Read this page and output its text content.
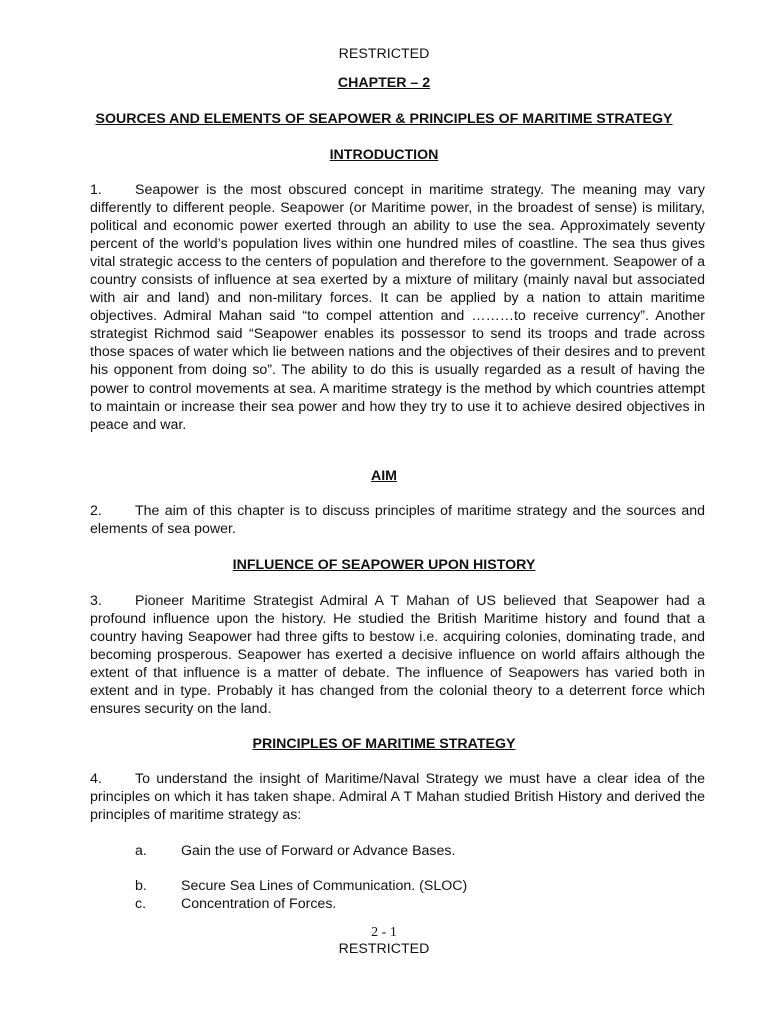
RESTRICTED
CHAPTER – 2
SOURCES AND ELEMENTS OF SEAPOWER & PRINCIPLES OF MARITIME STRATEGY
INTRODUCTION
1. Seapower is the most obscured concept in maritime strategy. The meaning may vary differently to different people. Seapower (or Maritime power, in the broadest of sense) is military, political and economic power exerted through an ability to use the sea. Approximately seventy percent of the world’s population lives within one hundred miles of coastline. The sea thus gives vital strategic access to the centers of population and therefore to the government. Seapower of a country consists of influence at sea exerted by a mixture of military (mainly naval but associated with air and land) and non-military forces. It can be applied by a nation to attain maritime objectives. Admiral Mahan said “to compel attention and ………to receive currency”. Another strategist Richmod said “Seapower enables its possessor to send its troops and trade across those spaces of water which lie between nations and the objectives of their desires and to prevent his opponent from doing so”. The ability to do this is usually regarded as a result of having the power to control movements at sea. A maritime strategy is the method by which countries attempt to maintain or increase their sea power and how they try to use it to achieve desired objectives in peace and war.
AIM
2. The aim of this chapter is to discuss principles of maritime strategy and the sources and elements of sea power.
INFLUENCE OF SEAPOWER UPON HISTORY
3. Pioneer Maritime Strategist Admiral A T Mahan of US believed that Seapower had a profound influence upon the history. He studied the British Maritime history and found that a country having Seapower had three gifts to bestow i.e. acquiring colonies, dominating trade, and becoming prosperous. Seapower has exerted a decisive influence on world affairs although the extent of that influence is a matter of debate. The influence of Seapowers has varied both in extent and in type. Probably it has changed from the colonial theory to a deterrent force which ensures security on the land.
PRINCIPLES OF MARITIME STRATEGY
4. To understand the insight of Maritime/Naval Strategy we must have a clear idea of the principles on which it has taken shape. Admiral A T Mahan studied British History and derived the principles of maritime strategy as:
a. Gain the use of Forward or Advance Bases.
b. Secure Sea Lines of Communication. (SLOC)
c. Concentration of Forces.
2 - 1
RESTRICTED
